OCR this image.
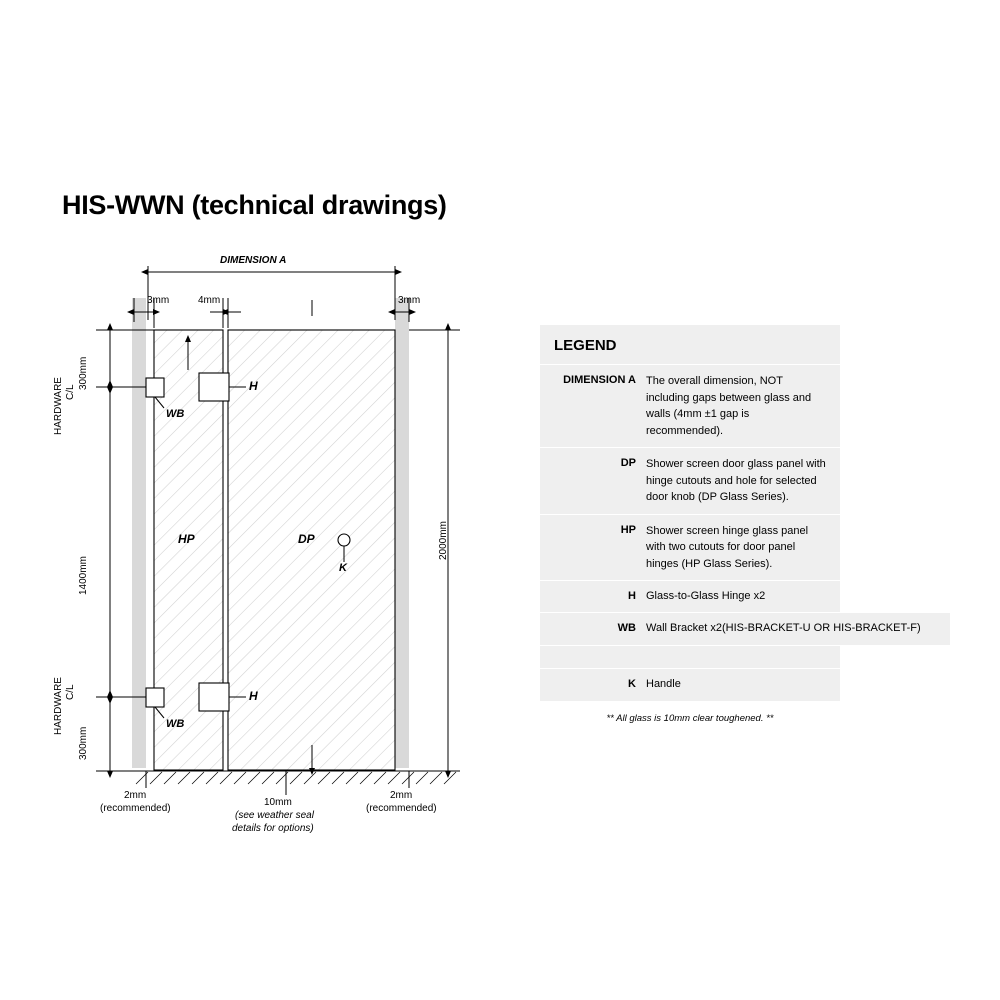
HIS-WWN (technical drawings)
DIMENSION A
3mm	4mm	3mm
300mm
1400mm
300mm
C/L
HARDWARE
C/L
HARDWARE
2000mm
HP	DP
H
H
WB
WB
K
2mm
(recommended)
10mm
(see weather seal
details for options)
2mm
(recommended)
LEGEND
DIMENSION A The overall dimension, NOT including gaps between glass and walls (4mm ±1 gap is recommended).
DP Shower screen door glass panel with hinge cutouts and hole for selected door knob (DP Glass Series).
HP Shower screen hinge glass panel with two cutouts for door panel hinges (HP Glass Series).
H Glass-to-Glass Hinge x2
WB Wall Bracket x2(HIS-BRACKET-U OR HIS-BRACKET-F)
K Handle
** All glass is 10mm clear toughened. **
